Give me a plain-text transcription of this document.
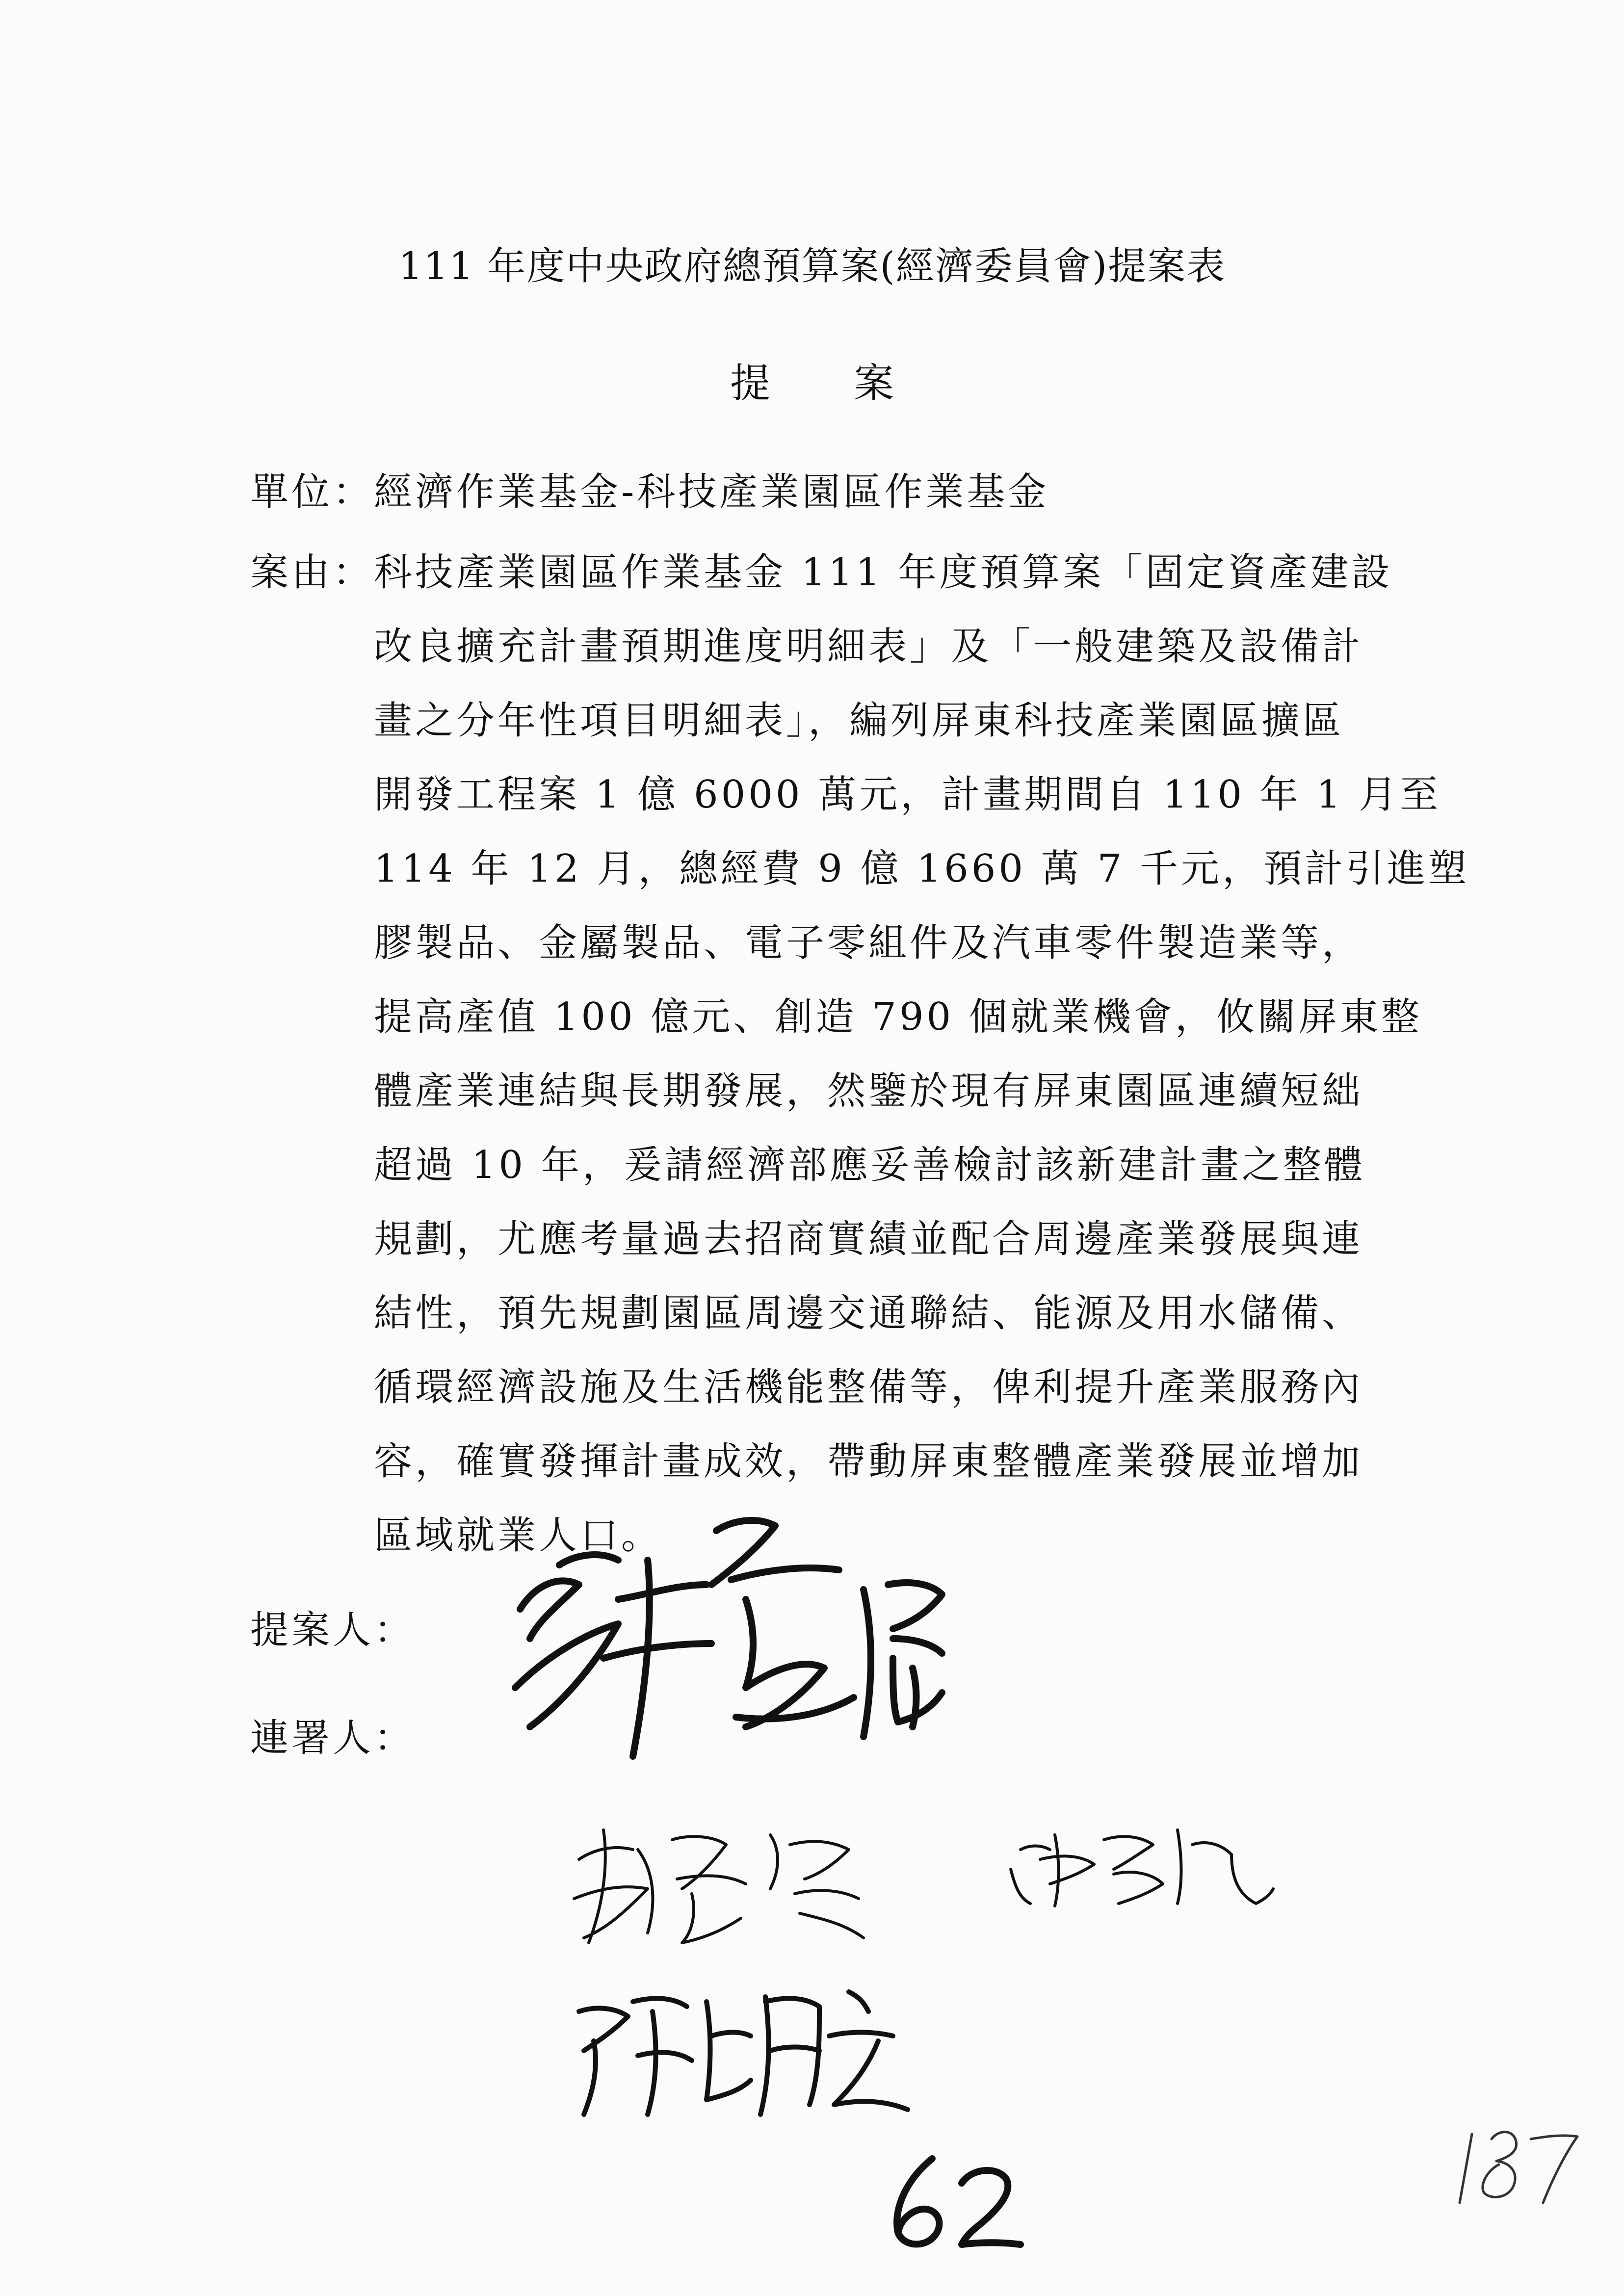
111 年度中央政府總預算案(經濟委員會)提案表
提案
單位：經濟作業基金-科技產業園區作業基金
案由： 科技產業園區作業基金 111 年度預算案「固定資產建設
改良擴充計畫預期進度明細表」及「一般建築及設備計
畫之分年性項目明細表」，編列屏東科技產業園區擴區
開發工程案 1 億 6000 萬元，計畫期間自 110 年 1 月至
114 年 12 月，總經費 9 億 1660 萬 7 千元，預計引進塑
膠製品、金屬製品、電子零組件及汽車零件製造業等，
提高產值 100 億元、創造 790 個就業機會，攸關屏東整
體產業連結與長期發展，然鑒於現有屏東園區連續短絀
超過 10 年，爰請經濟部應妥善檢討該新建計畫之整體
規劃，尤應考量過去招商實績並配合周邊產業發展與連
結性，預先規劃園區周邊交通聯結、能源及用水儲備、
循環經濟設施及生活機能整備等，俾利提升產業服務內
容，確實發揮計畫成效，帶動屏東整體產業發展並增加
區域就業人口。
提案人：
連署人：
